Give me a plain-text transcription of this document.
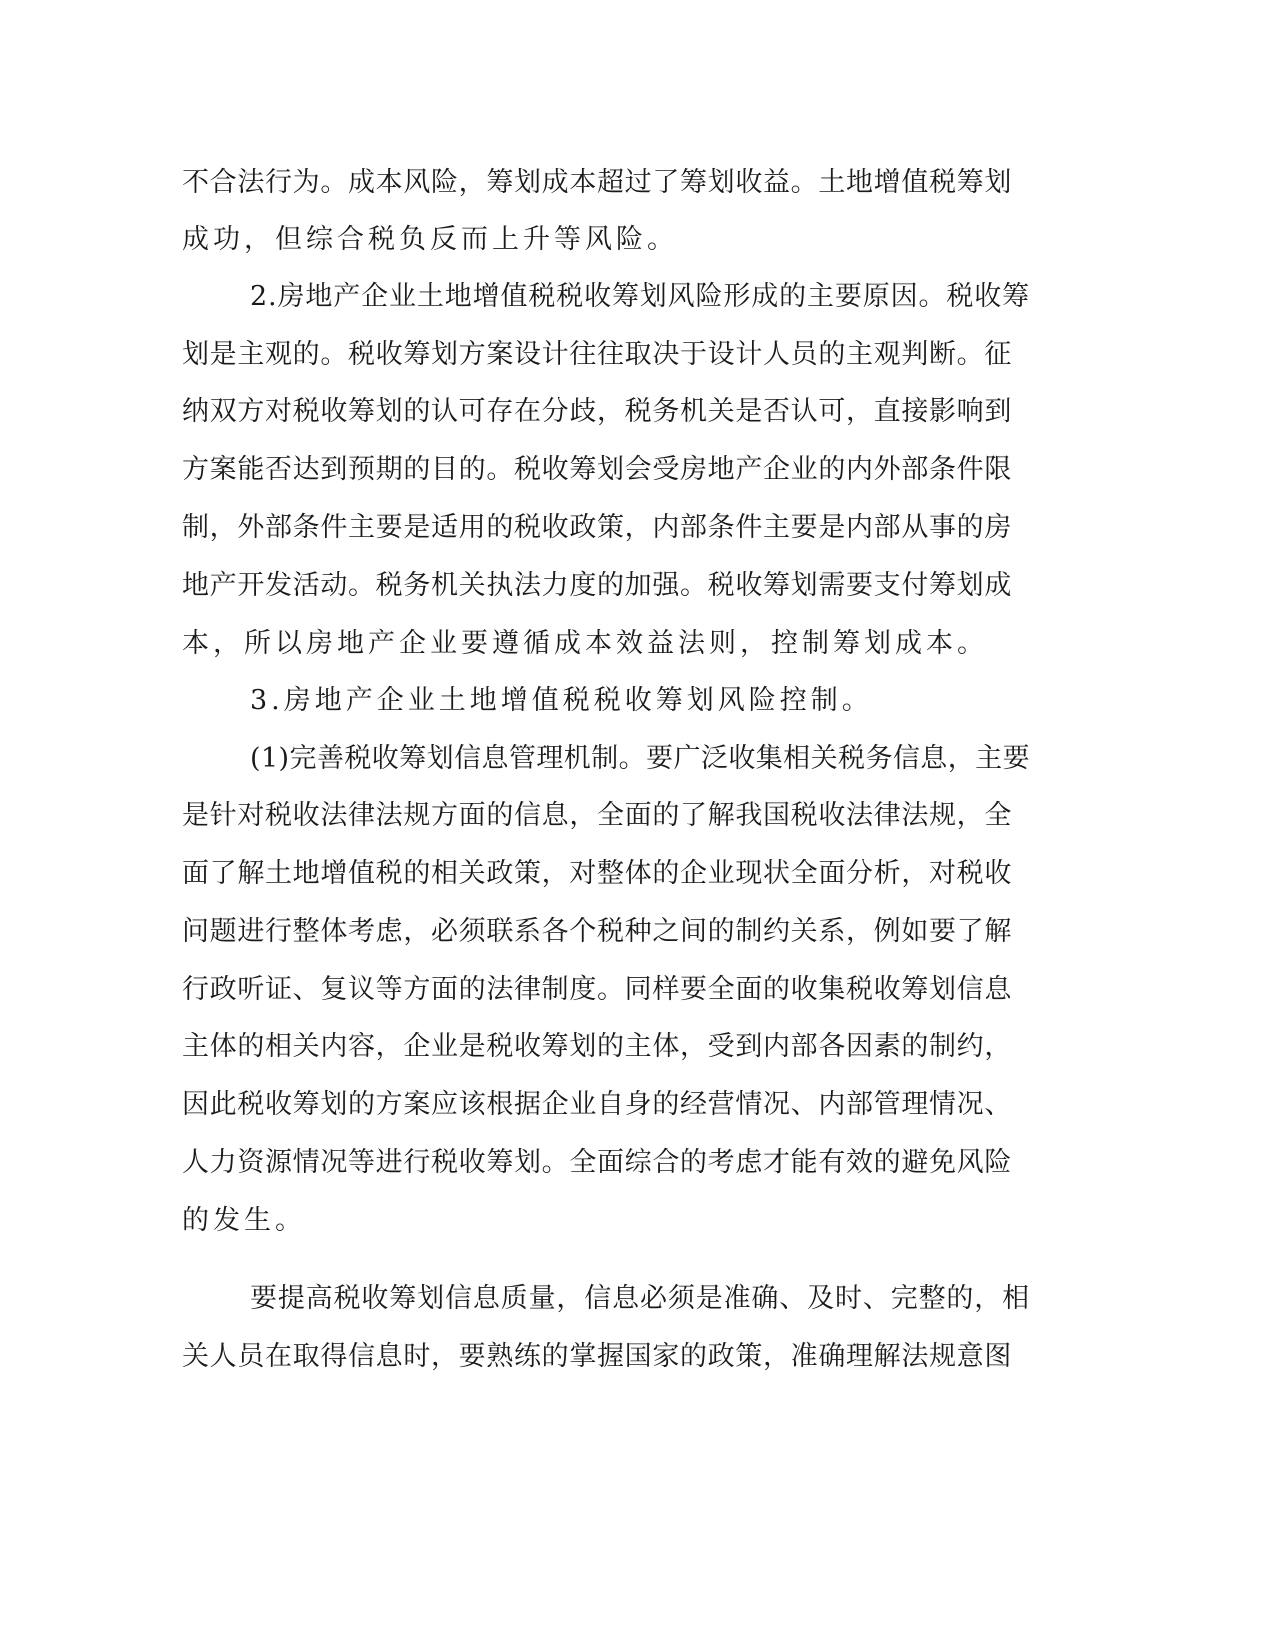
不合法行为。成本风险，筹划成本超过了筹划收益。土地增值税筹划

成功，但综合税负反而上升等风险。

2.房地产企业土地增值税税收筹划风险形成的主要原因。税收筹

划是主观的。税收筹划方案设计往往取决于设计人员的主观判断。征

纳双方对税收筹划的认可存在分歧，税务机关是否认可，直接影响到

方案能否达到预期的目的。税收筹划会受房地产企业的内外部条件限

制，外部条件主要是适用的税收政策，内部条件主要是内部从事的房

地产开发活动。税务机关执法力度的加强。税收筹划需要支付筹划成

本，所以房地产企业要遵循成本效益法则，控制筹划成本。

3.房地产企业土地增值税税收筹划风险控制。

(1)完善税收筹划信息管理机制。要广泛收集相关税务信息，主要

是针对税收法律法规方面的信息，全面的了解我国税收法律法规，全

面了解土地增值税的相关政策，对整体的企业现状全面分析，对税收

问题进行整体考虑，必须联系各个税种之间的制约关系，例如要了解

行政听证、复议等方面的法律制度。同样要全面的收集税收筹划信息

主体的相关内容，企业是税收筹划的主体，受到内部各因素的制约，

因此税收筹划的方案应该根据企业自身的经营情况、内部管理情况、

人力资源情况等进行税收筹划。全面综合的考虑才能有效的避免风险

的发生。

要提高税收筹划信息质量，信息必须是准确、及时、完整的，相

关人员在取得信息时，要熟练的掌握国家的政策，准确理解法规意图
